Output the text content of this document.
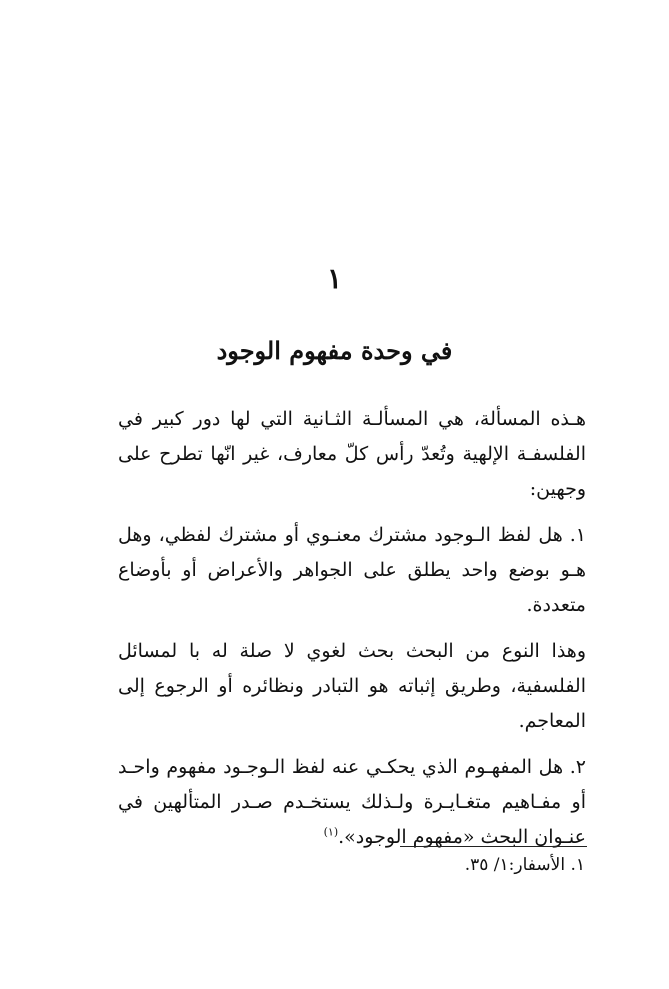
١
في وحدة مفهوم الوجود

هـذه المسألة، هي المسألـة الثـانية التي لها دور كبير في الفلسفـة الإلهية وتُعدّ رأس كلّ معارف، غير انّها تطرح على وجهين:

١. هل لفظ الـوجود مشترك معنـوي أو مشترك لفظي، وهل هـو بوضع واحد يطلق على الجواهر والأعراض أو بأوضاع متعددة.

وهذا النوع من البحث بحث لغوي لا صلة له با لمسائل الفلسفية، وطريق إثباته هو التبادر ونظائره أو الرجوع إلى المعاجم.

٢. هل المفهـوم الذي يحكـي عنه لفظ الـوجـود مفهوم واحـد أو مفـاهيم متغـايـرة ولـذلك يستخـدم صـدر المتألهين في عنـوان البحث «مفهوم الوجود».$^{(١)}$

١. الأسفار:١/ ٣٥.
